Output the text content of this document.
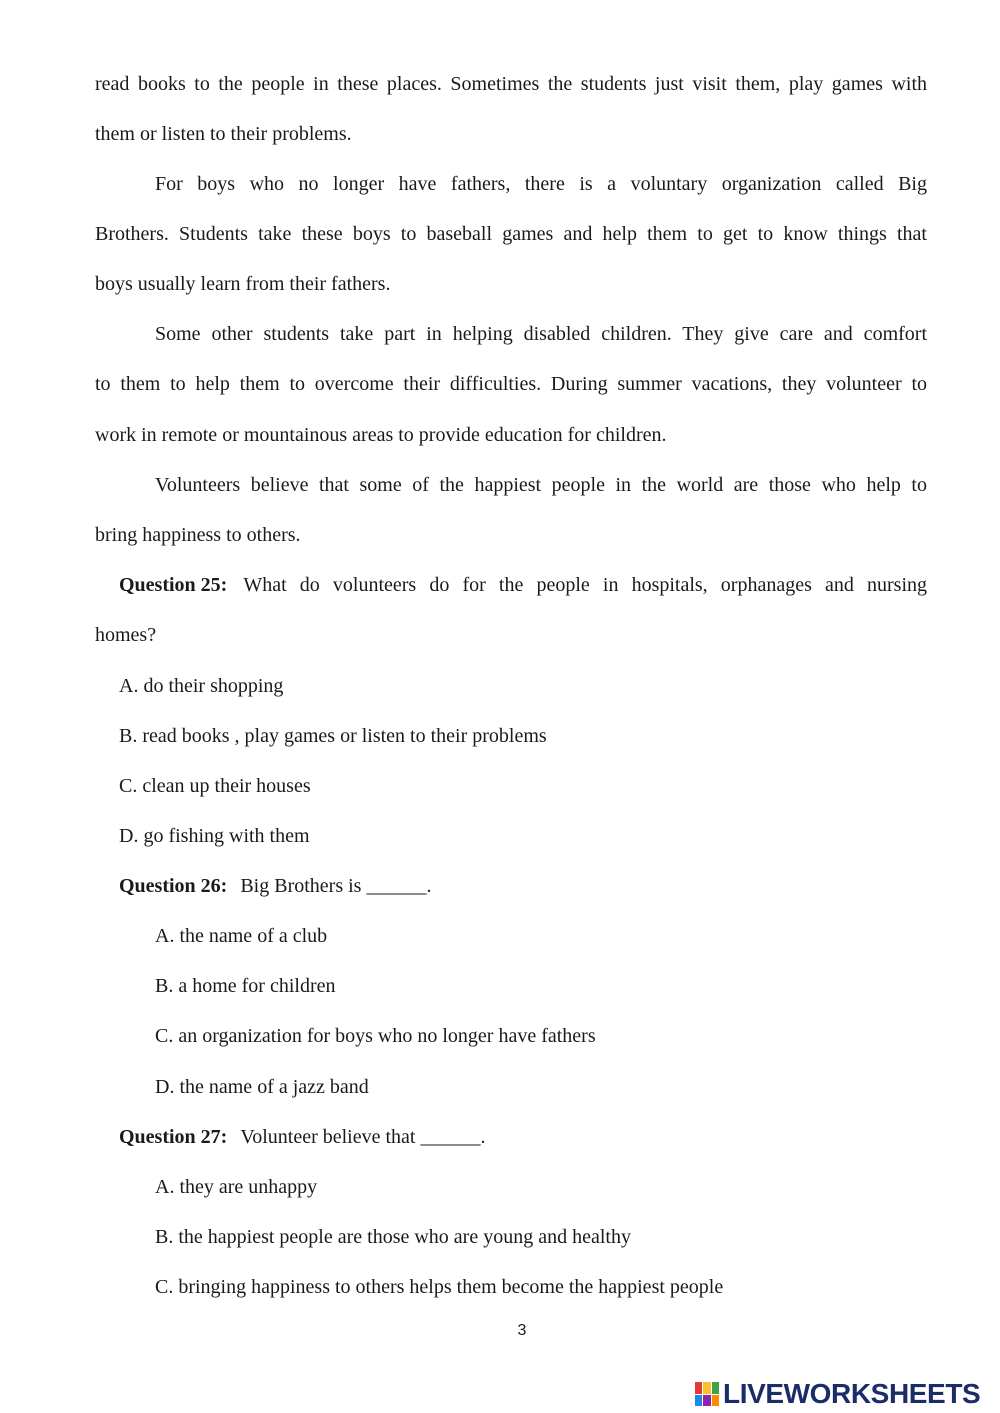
read books to the people in these places. Sometimes the students just visit them, play games with
them or listen to their problems.
For boys who no longer have fathers, there is a voluntary organization called Big
Brothers. Students take these boys to baseball games and help them to get to know things that
boys usually learn from their fathers.
Some other students take part in helping disabled children. They give care and comfort
to them to help them to overcome their difficulties. During summer vacations, they volunteer to
work in remote or mountainous areas to provide education for children.
Volunteers believe that some of the happiest people in the world are those who help to
bring happiness to others.
Question 25: What do volunteers do for the people in hospitals, orphanages and nursing
homes?
A. do their shopping
B. read books , play games or listen to their problems
C. clean up their houses
D. go fishing with them
Question 26: Big Brothers is ______.
A. the name of a club
B. a home for children
C. an organization for boys who no longer have fathers
D. the name of a jazz band
Question 27: Volunteer believe that ______.
A. they are unhappy
B. the happiest people are those who are young and healthy
C. bringing happiness to others helps them become the happiest people
3
LIVEWORKSHEETS
